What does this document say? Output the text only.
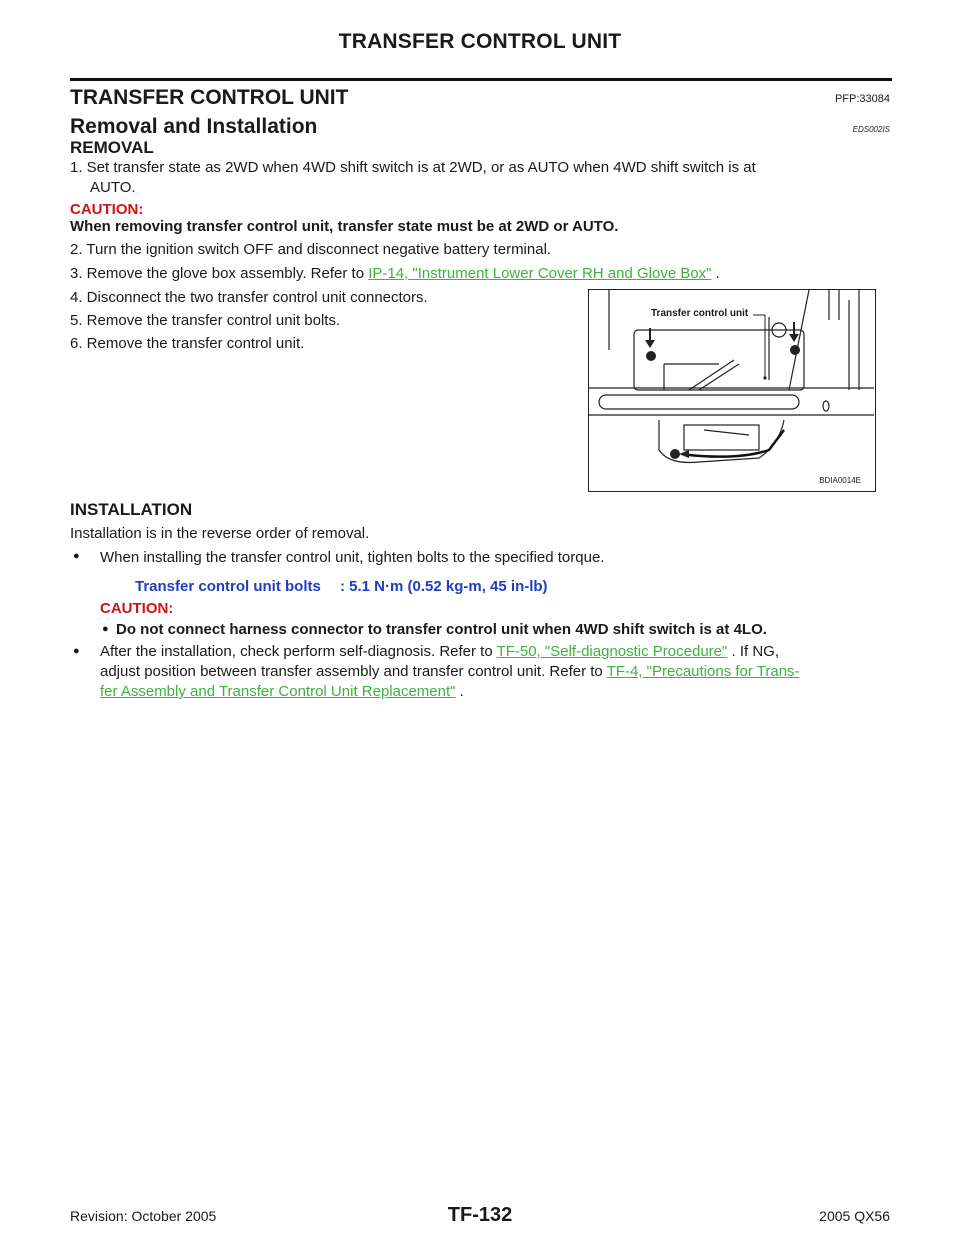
TRANSFER CONTROL UNIT
TRANSFER CONTROL UNIT	PFP:33084
Removal and Installation	EDS002IS
REMOVAL
1. Set transfer state as 2WD when 4WD shift switch is at 2WD, or as AUTO when 4WD shift switch is at
AUTO.
CAUTION:
When removing transfer control unit, transfer state must be at 2WD or AUTO.
2. Turn the ignition switch OFF and disconnect negative battery terminal.
3. Remove the glove box assembly. Refer to IP-14, "Instrument Lower Cover RH and Glove Box" .
4. Disconnect the two transfer control unit connectors.
5. Remove the transfer control unit bolts.
6. Remove the transfer control unit.
Transfer control unit
BDIA0014E
INSTALLATION
Installation is in the reverse order of removal.
● When installing the transfer control unit, tighten bolts to the specified torque.
Transfer control unit bolts : 5.1 N·m (0.52 kg-m, 45 in-lb)
CAUTION:
● Do not connect harness connector to transfer control unit when 4WD shift switch is at 4LO.
● After the installation, check perform self-diagnosis. Refer to TF-50, "Self-diagnostic Procedure" . If NG,
adjust position between transfer assembly and transfer control unit. Refer to TF-4, "Precautions for Trans-
fer Assembly and Transfer Control Unit Replacement" .
Revision: October 2005	TF-132	2005 QX56
